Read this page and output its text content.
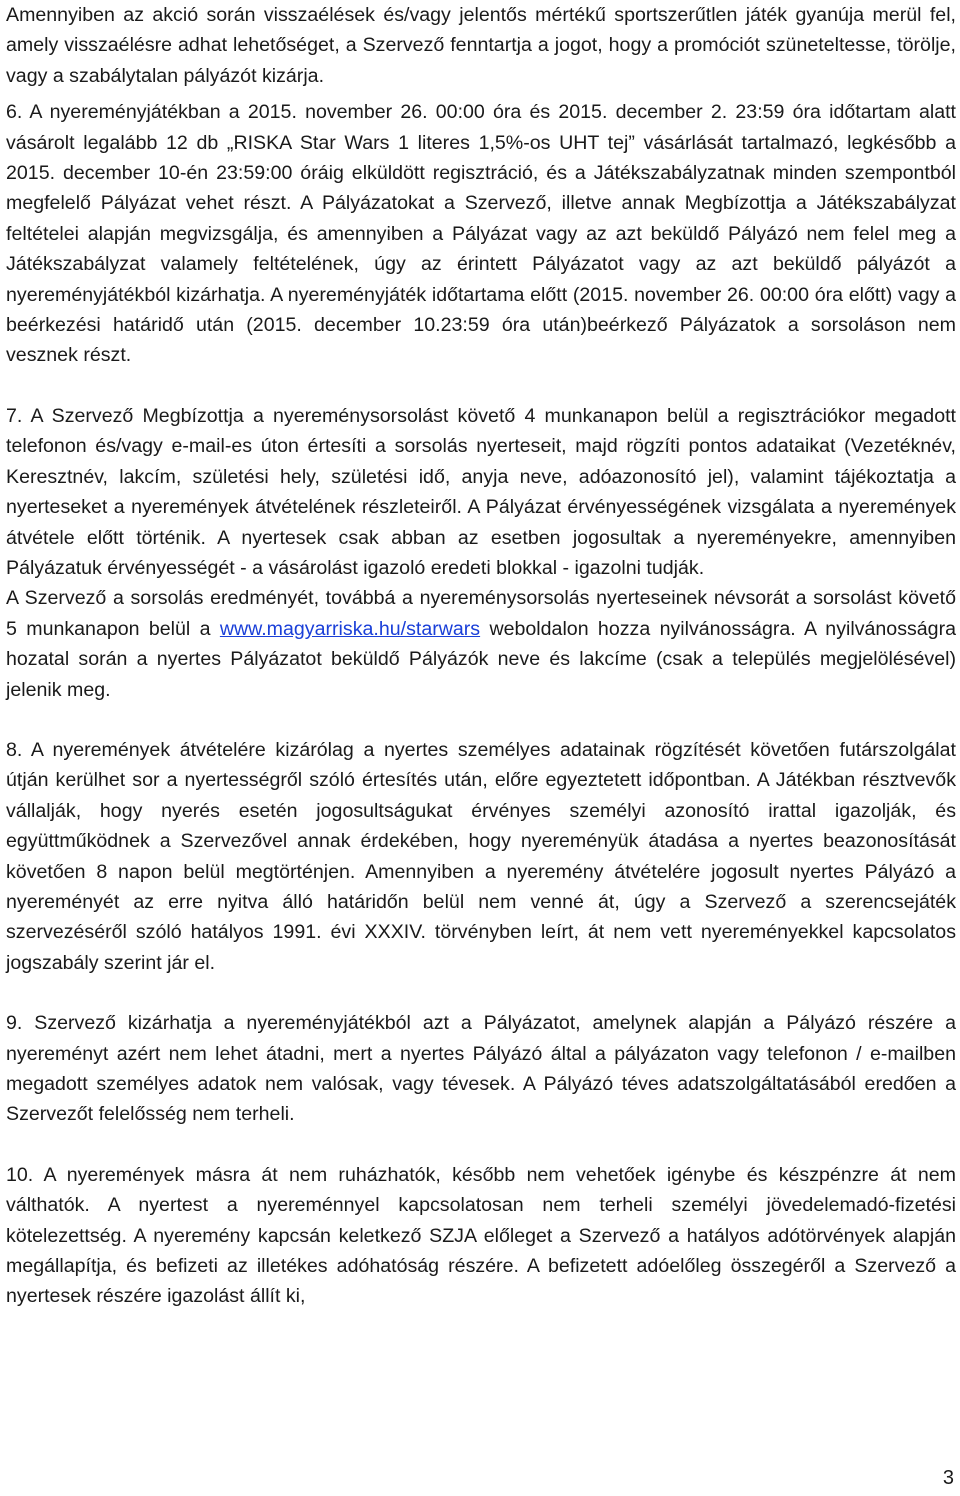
Amennyiben az akció során visszaélések és/vagy jelentős mértékű sportszerűtlen játék gyanúja merül fel, amely visszaélésre adhat lehetőséget, a Szervező fenntartja a jogot, hogy a promóciót szüneteltesse, törölje, vagy a szabálytalan pályázót kizárja.

6. A nyereményjátékban a 2015. november 26. 00:00 óra és 2015. december 2. 23:59 óra időtartam alatt vásárolt legalább 12 db „RISKA Star Wars 1 literes 1,5%-os UHT tej” vásárlását tartalmazó, legkésőbb a 2015. december 10-én 23:59:00 óráig elküldött regisztráció, és a Játékszabályzatnak minden szempontból megfelelő Pályázat vehet részt. A Pályázatokat a Szervező, illetve annak Megbízottja a Játékszabályzat feltételei alapján megvizsgálja, és amennyiben a Pályázat vagy az azt beküldő Pályázó nem felel meg a Játékszabályzat valamely feltételének, úgy az érintett Pályázatot vagy az azt beküldő pályázót a nyereményjátékból kizárhatja. A nyereményjáték időtartama előtt (2015. november 26. 00:00 óra előtt) vagy a beérkezési határidő után (2015. december 10.23:59 óra után)beérkező Pályázatok a sorsoláson nem vesznek részt.

7. A Szervező Megbízottja a nyereménysorsolást követő 4 munkanapon belül a regisztrációkor megadott telefonon és/vagy e-mail-es úton értesíti a sorsolás nyerteseit, majd rögzíti pontos adataikat (Vezetéknév, Keresztnév, lakcím, születési hely, születési idő, anyja neve, adóazonosító jel), valamint tájékoztatja a nyerteseket a nyeremények átvételének részleteiről. A Pályázat érvényességének vizsgálata a nyeremények átvétele előtt történik. A nyertesek csak abban az esetben jogosultak a nyereményekre, amennyiben Pályázatuk érvényességét - a vásárolást igazoló eredeti blokkal - igazolni tudják.

A Szervező a sorsolás eredményét, továbbá a nyereménysorsolás nyerteseinek névsorát a sorsolást követő 5 munkanapon belül a www.magyarriska.hu/starwars weboldalon hozza nyilvánosságra. A nyilvánosságra hozatal során a nyertes Pályázatot beküldő Pályázók neve és lakcíme (csak a település megjelölésével) jelenik meg.

8. A nyeremények átvételére kizárólag a nyertes személyes adatainak rögzítését követően futárszolgálat útján kerülhet sor a nyertességről szóló értesítés után, előre egyeztetett időpontban. A Játékban résztvevők vállalják, hogy nyerés esetén jogosultságukat érvényes személyi azonosító irattal igazolják, és együttműködnek a Szervezővel annak érdekében, hogy nyereményük átadása a nyertes beazonosítását követően 8 napon belül megtörténjen. Amennyiben a nyeremény átvételére jogosult nyertes Pályázó a nyereményét az erre nyitva álló határidőn belül nem venné át, úgy a Szervező a szerencsejáték szervezéséről szóló hatályos 1991. évi XXXIV. törvényben leírt, át nem vett nyereményekkel kapcsolatos jogszabály szerint jár el.

9. Szervező kizárhatja a nyereményjátékból azt a Pályázatot, amelynek alapján a Pályázó részére a nyereményt azért nem lehet átadni, mert a nyertes Pályázó által a pályázaton vagy telefonon / e-mailben megadott személyes adatok nem valósak, vagy tévesek. A Pályázó téves adatszolgáltatásából eredően a Szervezőt felelősség nem terheli.

10. A nyeremények másra át nem ruházhatók, később nem vehetőek igénybe és készpénzre át nem válthatók. A nyertest a nyereménnyel kapcsolatosan nem terheli személyi jövedelemadó-fizetési kötelezettség. A nyeremény kapcsán keletkező SZJA előleget a Szervező a hatályos adótörvények alapján megállapítja, és befizeti az illetékes adóhatóság részére. A befizetett adóelőleg összegéről a Szervező a nyertesek részére igazolást állít ki,

3
